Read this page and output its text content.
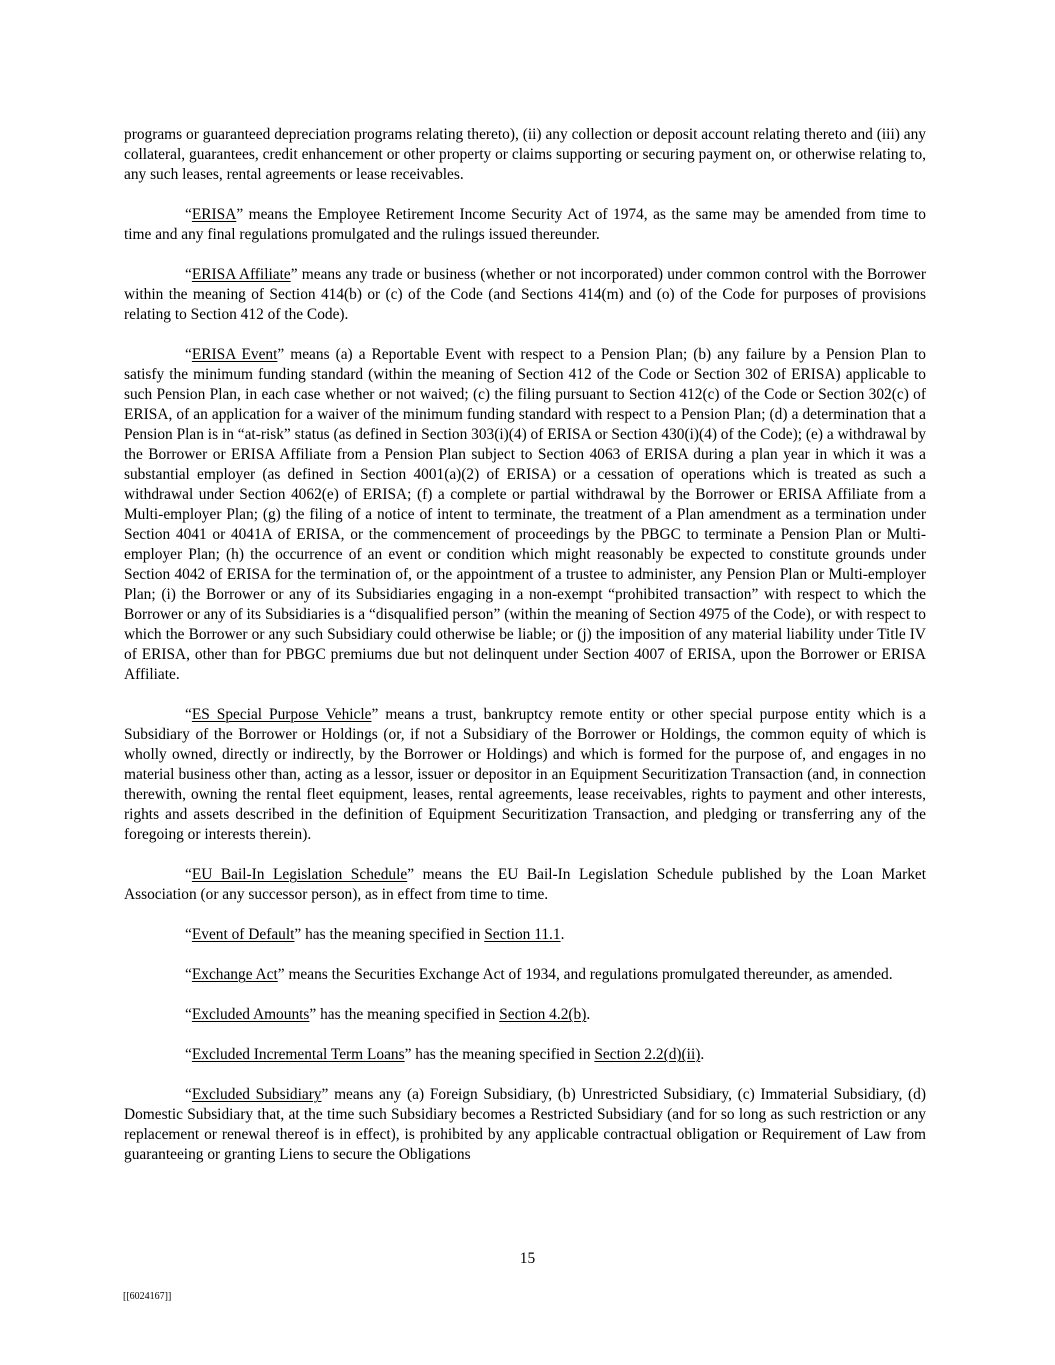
programs or guaranteed depreciation programs relating thereto), (ii) any collection or deposit account relating thereto and (iii) any collateral, guarantees, credit enhancement or other property or claims supporting or securing payment on, or otherwise relating to, any such leases, rental agreements or lease receivables.

“ERISA” means the Employee Retirement Income Security Act of 1974, as the same may be amended from time to time and any final regulations promulgated and the rulings issued thereunder.

“ERISA Affiliate” means any trade or business (whether or not incorporated) under common control with the Borrower within the meaning of Section 414(b) or (c) of the Code (and Sections 414(m) and (o) of the Code for purposes of provisions relating to Section 412 of the Code).

“ERISA Event” means (a) a Reportable Event with respect to a Pension Plan; (b) any failure by a Pension Plan to satisfy the minimum funding standard (within the meaning of Section 412 of the Code or Section 302 of ERISA) applicable to such Pension Plan, in each case whether or not waived; (c) the filing pursuant to Section 412(c) of the Code or Section 302(c) of ERISA, of an application for a waiver of the minimum funding standard with respect to a Pension Plan; (d) a determination that a Pension Plan is in “at-risk” status (as defined in Section 303(i)(4) of ERISA or Section 430(i)(4) of the Code); (e) a withdrawal by the Borrower or ERISA Affiliate from a Pension Plan subject to Section 4063 of ERISA during a plan year in which it was a substantial employer (as defined in Section 4001(a)(2) of ERISA) or a cessation of operations which is treated as such a withdrawal under Section 4062(e) of ERISA; (f) a complete or partial withdrawal by the Borrower or ERISA Affiliate from a Multi-employer Plan; (g) the filing of a notice of intent to terminate, the treatment of a Plan amendment as a termination under Section 4041 or 4041A of ERISA, or the commencement of proceedings by the PBGC to terminate a Pension Plan or Multi-employer Plan; (h) the occurrence of an event or condition which might reasonably be expected to constitute grounds under Section 4042 of ERISA for the termination of, or the appointment of a trustee to administer, any Pension Plan or Multi-employer Plan; (i) the Borrower or any of its Subsidiaries engaging in a non-exempt “prohibited transaction” with respect to which the Borrower or any of its Subsidiaries is a “disqualified person” (within the meaning of Section 4975 of the Code), or with respect to which the Borrower or any such Subsidiary could otherwise be liable; or (j) the imposition of any material liability under Title IV of ERISA, other than for PBGC premiums due but not delinquent under Section 4007 of ERISA, upon the Borrower or ERISA Affiliate.

“ES Special Purpose Vehicle” means a trust, bankruptcy remote entity or other special purpose entity which is a Subsidiary of the Borrower or Holdings (or, if not a Subsidiary of the Borrower or Holdings, the common equity of which is wholly owned, directly or indirectly, by the Borrower or Holdings) and which is formed for the purpose of, and engages in no material business other than, acting as a lessor, issuer or depositor in an Equipment Securitization Transaction (and, in connection therewith, owning the rental fleet equipment, leases, rental agreements, lease receivables, rights to payment and other interests, rights and assets described in the definition of Equipment Securitization Transaction, and pledging or transferring any of the foregoing or interests therein).

“EU Bail-In Legislation Schedule” means the EU Bail-In Legislation Schedule published by the Loan Market Association (or any successor person), as in effect from time to time.

“Event of Default” has the meaning specified in Section 11.1.

“Exchange Act” means the Securities Exchange Act of 1934, and regulations promulgated thereunder, as amended.

“Excluded Amounts” has the meaning specified in Section 4.2(b).

“Excluded Incremental Term Loans” has the meaning specified in Section 2.2(d)(ii).

“Excluded Subsidiary” means any (a) Foreign Subsidiary, (b) Unrestricted Subsidiary, (c) Immaterial Subsidiary, (d) Domestic Subsidiary that, at the time such Subsidiary becomes a Restricted Subsidiary (and for so long as such restriction or any replacement or renewal thereof is in effect), is prohibited by any applicable contractual obligation or Requirement of Law from guaranteeing or granting Liens to secure the Obligations

15
[[6024167]]
